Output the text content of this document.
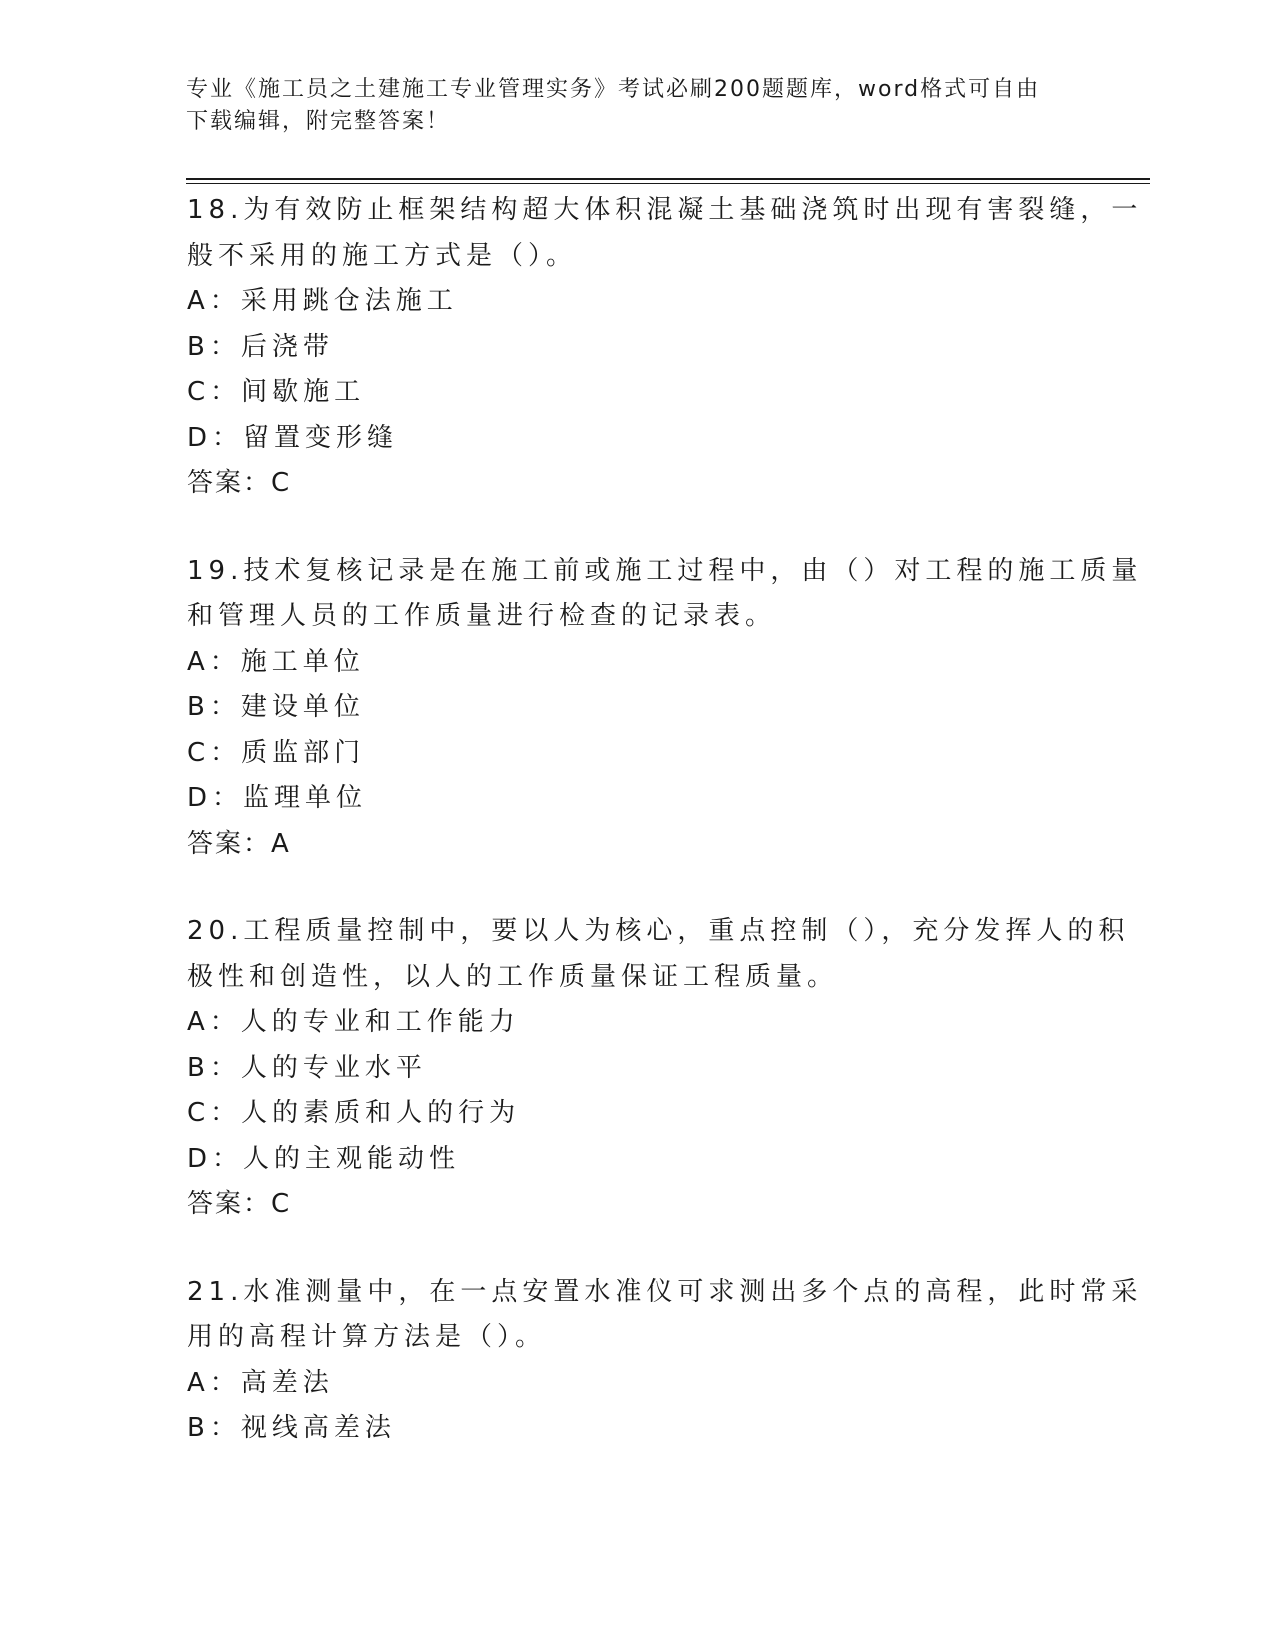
专业《施工员之土建施工专业管理实务》考试必刷200题题库，word格式可自由
下载编辑，附完整答案！
18.为有效防止框架结构超大体积混凝土基础浇筑时出现有害裂缝，一
般不采用的施工方式是（）。
A：采用跳仓法施工
B：后浇带
C：间歇施工
D：留置变形缝
答案：C
19.技术复核记录是在施工前或施工过程中，由（）对工程的施工质量
和管理人员的工作质量进行检查的记录表。
A：施工单位
B：建设单位
C：质监部门
D：监理单位
答案：A
20.工程质量控制中，要以人为核心，重点控制（），充分发挥人的积
极性和创造性，以人的工作质量保证工程质量。
A：人的专业和工作能力
B：人的专业水平
C：人的素质和人的行为
D：人的主观能动性
答案：C
21.水准测量中，在一点安置水准仪可求测出多个点的高程，此时常采
用的高程计算方法是（）。
A：高差法
B：视线高差法
